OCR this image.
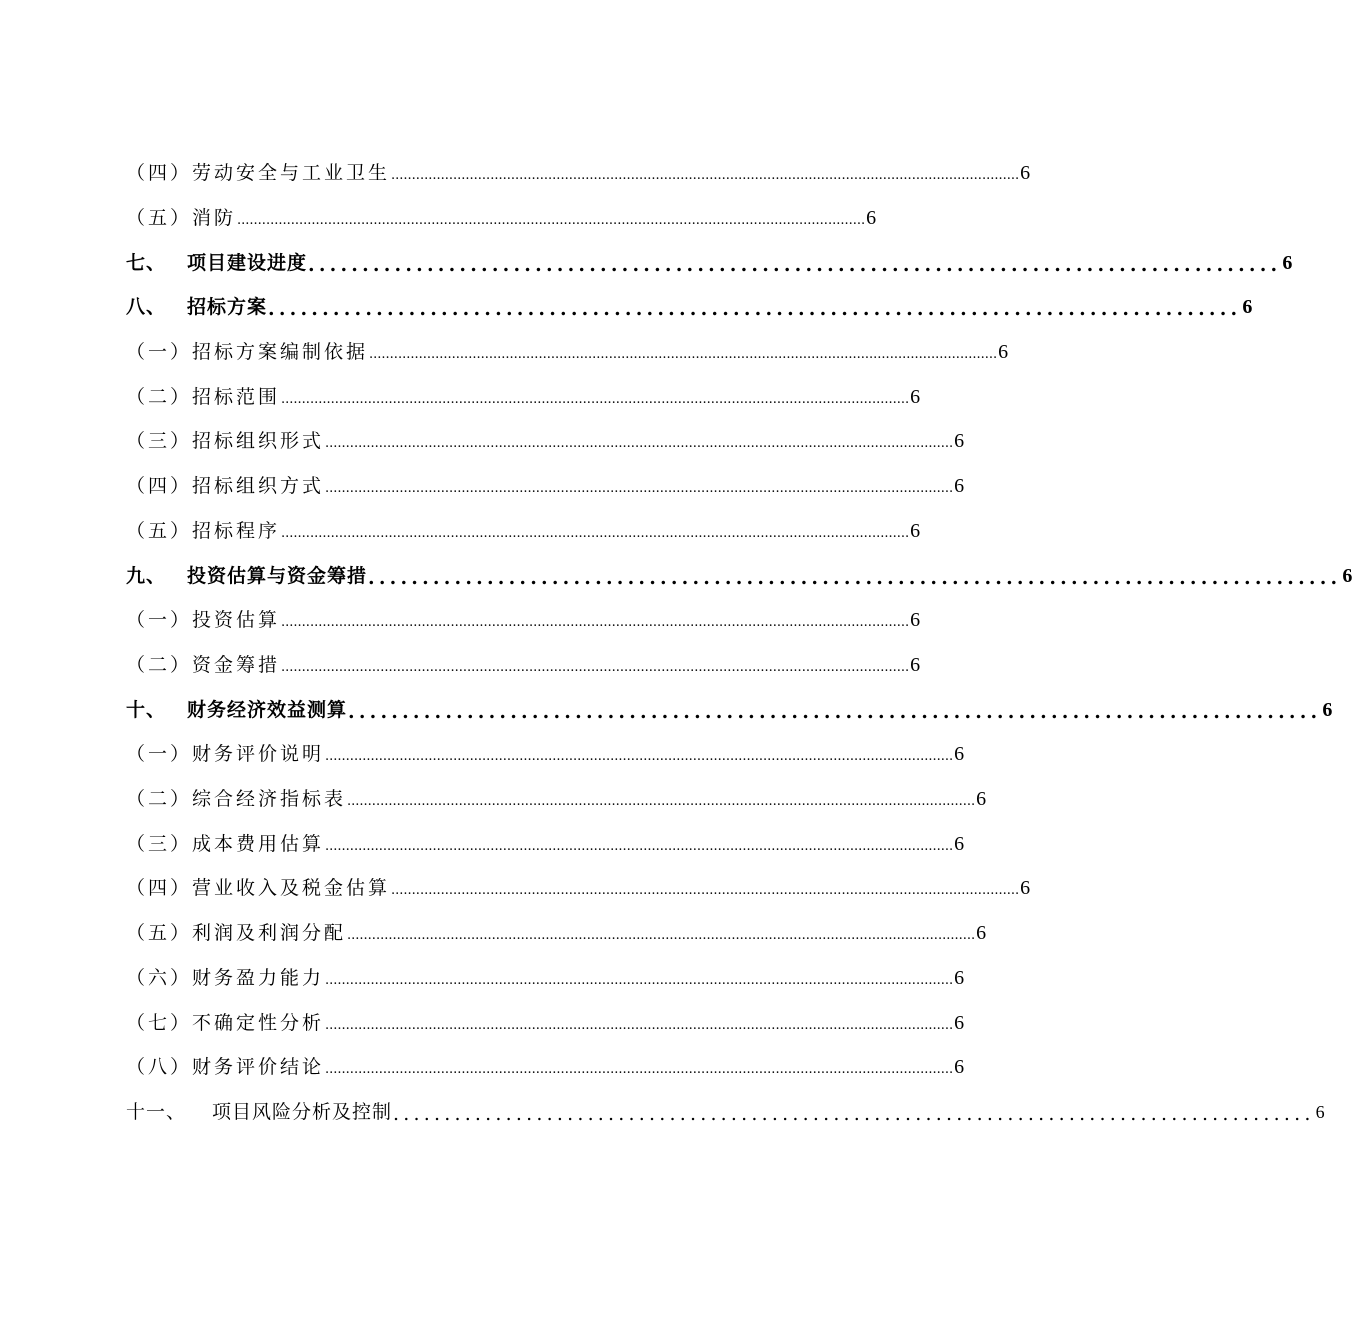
（四）劳动安全与工业卫生 ........................................................................................................................................................ 6
（五）消防 ........................................................................................................................................................ 6
七、 项目建设进度 .......................................................................................... 6
八、 招标方案 .......................................................................................... 6
（一）招标方案编制依据 ........................................................................................................................................................ 6
（二）招标范围 ........................................................................................................................................................ 6
（三）招标组织形式 ........................................................................................................................................................ 6
（四）招标组织方式 ........................................................................................................................................................ 6
（五）招标程序 ........................................................................................................................................................ 6
九、 投资估算与资金筹措 .......................................................................................... 6
（一）投资估算 ........................................................................................................................................................ 6
（二）资金筹措 ........................................................................................................................................................ 6
十、 财务经济效益测算 .......................................................................................... 6
（一）财务评价说明 ........................................................................................................................................................ 6
（二）综合经济指标表 ........................................................................................................................................................ 6
（三）成本费用估算 ........................................................................................................................................................ 6
（四）营业收入及税金估算 ........................................................................................................................................................ 6
（五）利润及利润分配 ........................................................................................................................................................ 6
（六）财务盈力能力 ........................................................................................................................................................ 6
（七）不确定性分析 ........................................................................................................................................................ 6
（八）财务评价结论 ........................................................................................................................................................ 6
十一、 项目风险分析及控制 .......................................................................................... 6
